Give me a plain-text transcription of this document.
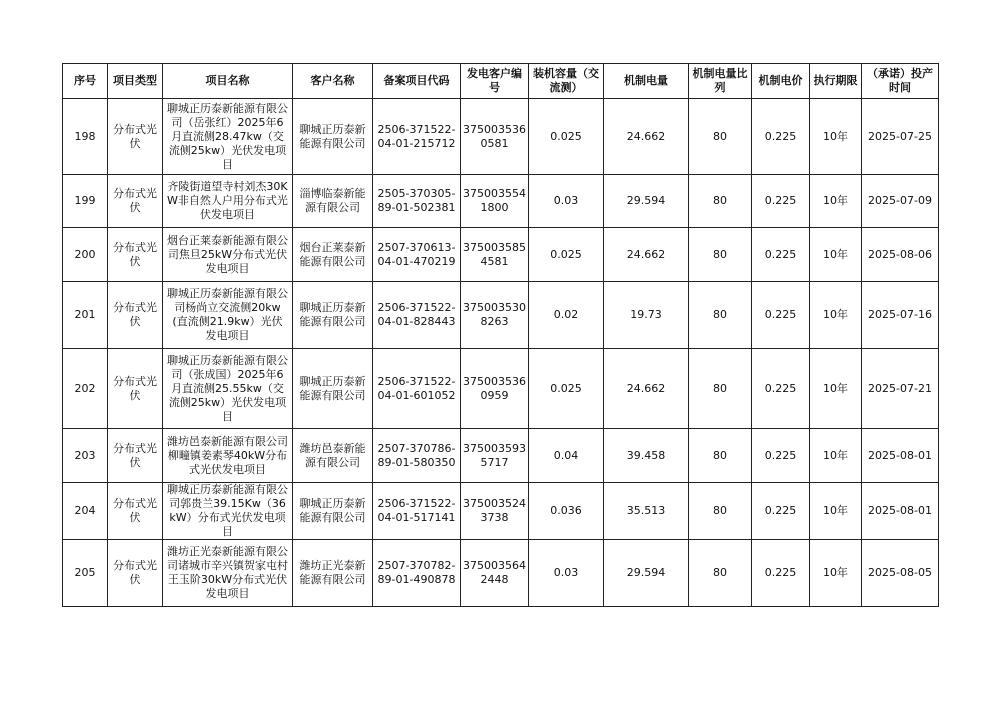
序号	项目类型	项目名称	客户名称	备案项目代码	发电客户编号	装机容量（交流测）	机制电量	机制电量比列	机制电价	执行期限	（承诺）投产时间
198	分布式光伏	聊城正历泰新能源有限公司（岳张红）2025年6月直流侧28.47kw（交流侧25kw）光伏发电项目	聊城正历泰新能源有限公司	2506-371522-04-01-215712	3750035360581	0.025	24.662	80	0.225	10年	2025-07-25
199	分布式光伏	齐陵街道望寺村刘杰30KW非自然人户用分布式光伏发电项目	淄博临泰新能源有限公司	2505-370305-89-01-502381	3750035541800	0.03	29.594	80	0.225	10年	2025-07-09
200	分布式光伏	烟台正莱泰新能源有限公司焦旦25kW分布式光伏发电项目	烟台正莱泰新能源有限公司	2507-370613-04-01-470219	3750035854581	0.025	24.662	80	0.225	10年	2025-08-06
201	分布式光伏	聊城正历泰新能源有限公司杨尚立交流侧20kw(直流侧21.9kw）光伏发电项目	聊城正历泰新能源有限公司	2506-371522-04-01-828443	3750035308263	0.02	19.73	80	0.225	10年	2025-07-16
202	分布式光伏	聊城正历泰新能源有限公司（张成国）2025年6月直流侧25.55kw（交流侧25kw）光伏发电项目	聊城正历泰新能源有限公司	2506-371522-04-01-601052	3750035360959	0.025	24.662	80	0.225	10年	2025-07-21
203	分布式光伏	潍坊邑泰新能源有限公司柳疃镇姜素琴40kW分布式光伏发电项目	潍坊邑泰新能源有限公司	2507-370786-89-01-580350	3750035935717	0.04	39.458	80	0.225	10年	2025-08-01
204	分布式光伏	聊城正历泰新能源有限公司郭贵兰39.15Kw（36kW）分布式光伏发电项目	聊城正历泰新能源有限公司	2506-371522-04-01-517141	3750035243738	0.036	35.513	80	0.225	10年	2025-08-01
205	分布式光伏	潍坊正光泰新能源有限公司诸城市辛兴镇贺家屯村王玉阶30kW分布式光伏发电项目	潍坊正光泰新能源有限公司	2507-370782-89-01-490878	3750035642448	0.03	29.594	80	0.225	10年	2025-08-05
